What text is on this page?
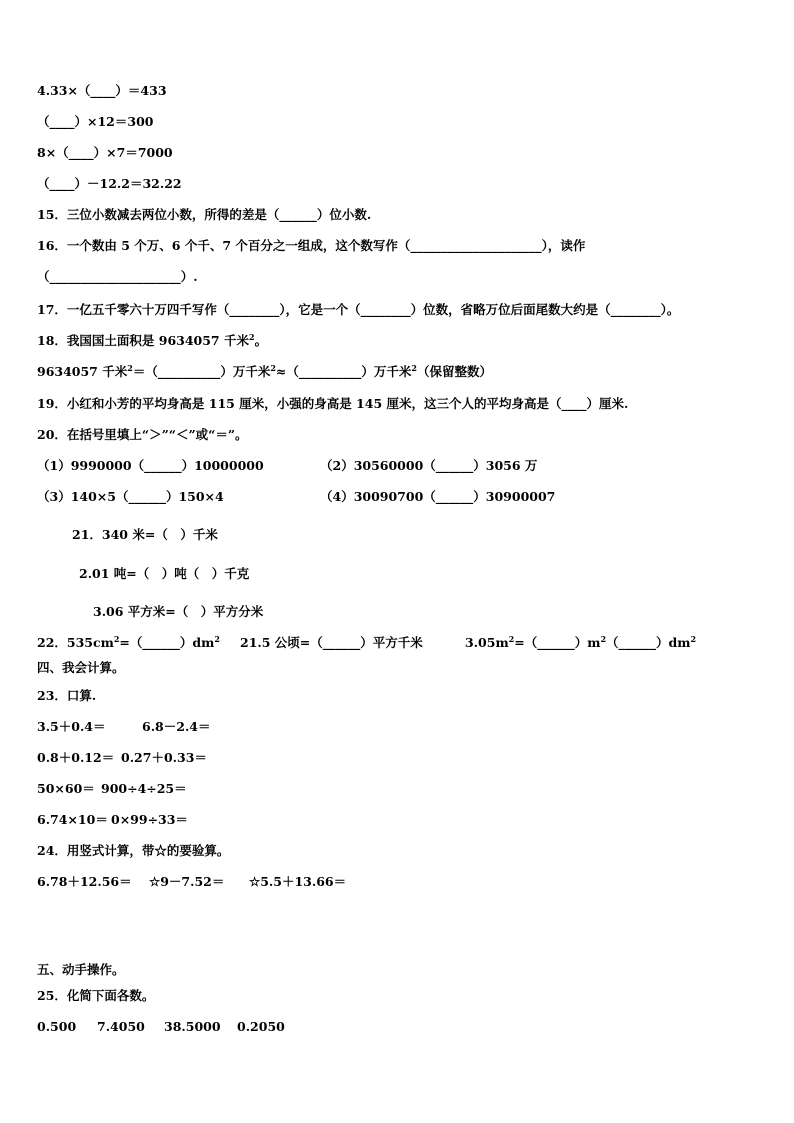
4.33×（____）＝433
（____）×12＝300
8×（____）×7＝7000
（____）－12.2＝32.22
15．三位小数减去两位小数，所得的差是（______）位小数.
16．一个数由 5 个万、6 个千、7 个百分之一组成，这个数写作（_____________________），读作
（_____________________）.
17．一亿五千零六十万四千写作（________），它是一个（________）位数，省略万位后面尾数大约是（________）。
18．我国国土面积是 9634057 千米$^2$。
9634057 千米$^2$＝（__________）万千米$^2$≈（__________）万千米$^2$（保留整数）
19．小红和小芳的平均身高是 115 厘米，小强的身高是 145 厘米，这三个人的平均身高是（____）厘米.
20．在括号里填上“＞”“＜”或“＝”。
（1）9990000（______）10000000	（2）30560000（______）3056 万
（3）140×5（______）150×4	（4）30090700（______）30900007
21．340 米=（　）千米
2.01 吨=（　）吨（　）千克
3.06 平方米=（　）平方分米
22．$535cm^2=(\_\_\_\_\_\_)dm^2$ 21.5 公顷=（______）平方千米	$3.05m^2=(\_\_\_\_\_\_)m^2(\_\_\_\_\_\_)dm^2$
四、我会计算。
23．口算.
3.5＋0.4＝	6.8－2.4＝
0.8＋0.12＝ 0.27＋0.33＝
50×60＝ 900÷4÷25＝
6.74×10＝ 0×99÷33＝
24．用竖式计算，带☆的要验算。
6.78＋12.56＝ ☆9－7.52＝ ☆5.5＋13.66＝
五、动手操作。
25．化简下面各数。
0.500 7.4050 38.5000 0.2050
